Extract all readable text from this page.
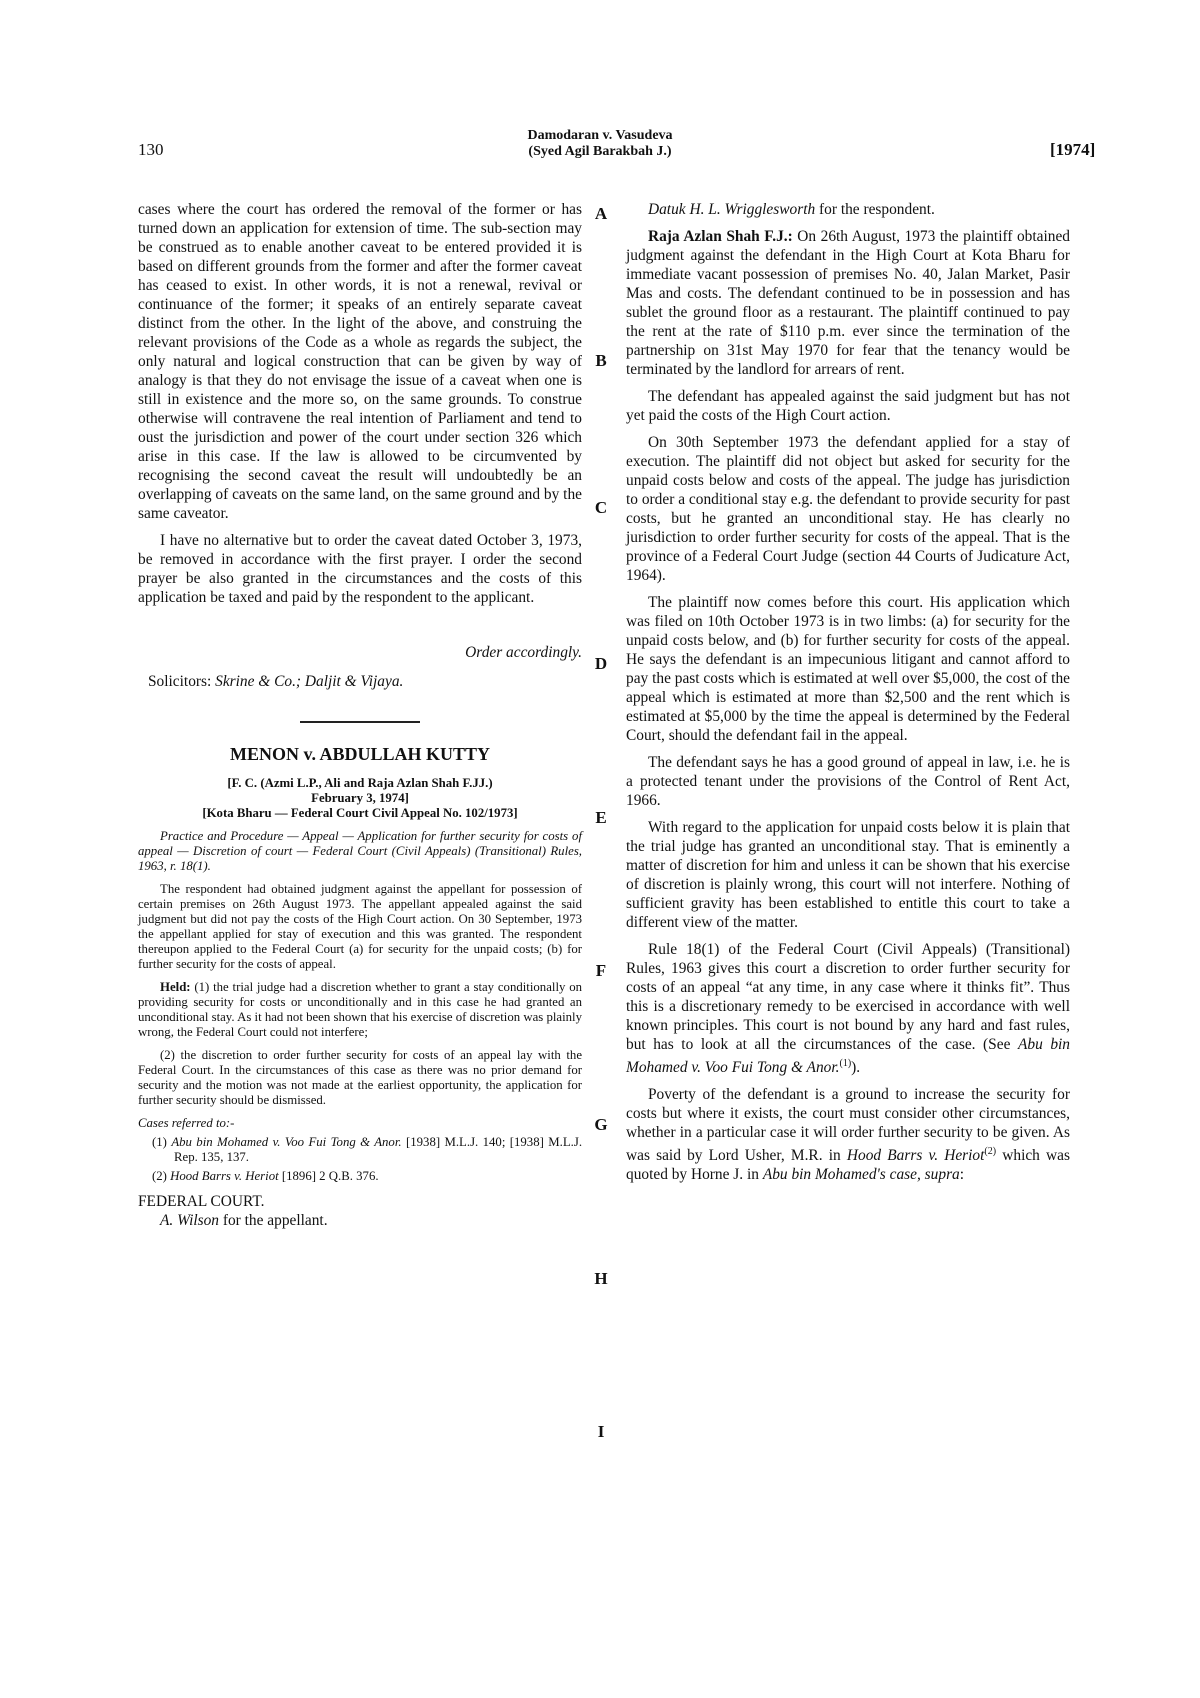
130
Damodaran v. Vasudeva
(Syed Agil Barakbah J.)	[1974]
A
B
C
D
E
F
G
H
I

cases where the court has ordered the removal of the former or has turned down an application for extension of time. The sub-section may be construed as to enable another caveat to be entered provided it is based on different grounds from the former and after the former caveat has ceased to exist. In other words, it is not a renewal, revival or continuance of the former; it speaks of an entirely separate caveat distinct from the other. In the light of the above, and construing the relevant provisions of the Code as a whole as regards the subject, the only natural and logical construction that can be given by way of analogy is that they do not envisage the issue of a caveat when one is still in existence and the more so, on the same grounds. To construe otherwise will contravene the real intention of Parliament and tend to oust the jurisdiction and power of the court under section 326 which arise in this case. If the law is allowed to be circumvented by recognising the second caveat the result will undoubtedly be an overlapping of caveats on the same land, on the same ground and by the same caveator.

I have no alternative but to order the caveat dated October 3, 1973, be removed in accordance with the first prayer. I order the second prayer be also granted in the circumstances and the costs of this application be taxed and paid by the respondent to the applicant.

Order accordingly.

Solicitors: Skrine & Co.; Daljit & Vijaya.

MENON v. ABDULLAH KUTTY

[F. C. (Azmi L.P., Ali and Raja Azlan Shah F.JJ.)

February 3, 1974]

[Kota Bharu — Federal Court Civil Appeal No. 102/1973]

Practice and Procedure — Appeal — Application for further security for costs of appeal — Discretion of court — Federal Court (Civil Appeals) (Transitional) Rules, 1963, r. 18(1).

The respondent had obtained judgment against the appellant for possession of certain premises on 26th August 1973. The appellant appealed against the said judgment but did not pay the costs of the High Court action. On 30 September, 1973 the appellant applied for stay of execution and this was granted. The respondent thereupon applied to the Federal Court (a) for security for the unpaid costs; (b) for further security for the costs of appeal.

Held: (1) the trial judge had a discretion whether to grant a stay conditionally on providing security for costs or unconditionally and in this case he had granted an unconditional stay. As it had not been shown that his exercise of discretion was plainly wrong, the Federal Court could not interfere;

(2) the discretion to order further security for costs of an appeal lay with the Federal Court. In the circumstances of this case as there was no prior demand for security and the motion was not made at the earliest opportunity, the application for further security should be dismissed.

Cases referred to:-

(1) Abu bin Mohamed v. Voo Fui Tong & Anor. [1938] M.L.J. 140; [1938] M.L.J. Rep. 135, 137.

(2) Hood Barrs v. Heriot [1896] 2 Q.B. 376.

FEDERAL COURT.

A. Wilson for the appellant.

Datuk H. L. Wrigglesworth for the respondent.

Raja Azlan Shah F.J.: On 26th August, 1973 the plaintiff obtained judgment against the defendant in the High Court at Kota Bharu for immediate vacant possession of premises No. 40, Jalan Market, Pasir Mas and costs. The defendant continued to be in possession and has sublet the ground floor as a restaurant. The plaintiff continued to pay the rent at the rate of $110 p.m. ever since the termination of the partnership on 31st May 1970 for fear that the tenancy would be terminated by the landlord for arrears of rent.

The defendant has appealed against the said judgment but has not yet paid the costs of the High Court action.

On 30th September 1973 the defendant applied for a stay of execution. The plaintiff did not object but asked for security for the unpaid costs below and costs of the appeal. The judge has jurisdiction to order a conditional stay e.g. the defendant to provide security for past costs, but he granted an unconditional stay. He has clearly no jurisdiction to order further security for costs of the appeal. That is the province of a Federal Court Judge (section 44 Courts of Judicature Act, 1964).

The plaintiff now comes before this court. His application which was filed on 10th October 1973 is in two limbs: (a) for security for the unpaid costs below, and (b) for further security for costs of the appeal. He says the defendant is an impecunious litigant and cannot afford to pay the past costs which is estimated at well over $5,000, the cost of the appeal which is estimated at more than $2,500 and the rent which is estimated at $5,000 by the time the appeal is determined by the Federal Court, should the defendant fail in the appeal.

The defendant says he has a good ground of appeal in law, i.e. he is a protected tenant under the provisions of the Control of Rent Act, 1966.

With regard to the application for unpaid costs below it is plain that the trial judge has granted an unconditional stay. That is eminently a matter of discretion for him and unless it can be shown that his exercise of discretion is plainly wrong, this court will not interfere. Nothing of sufficient gravity has been established to entitle this court to take a different view of the matter.

Rule 18(1) of the Federal Court (Civil Appeals) (Transitional) Rules, 1963 gives this court a discretion to order further security for costs of an appeal “at any time, in any case where it thinks fit”. Thus this is a discretionary remedy to be exercised in accordance with well known principles. This court is not bound by any hard and fast rules, but has to look at all the circumstances of the case. (See Abu bin Mohamed v. Voo Fui Tong & Anor.$^{(1)}$).

Poverty of the defendant is a ground to increase the security for costs but where it exists, the court must consider other circumstances, whether in a particular case it will order further security to be given. As was said by Lord Usher, M.R. in Hood Barrs v. Heriot$^{(2)}$ which was quoted by Horne J. in Abu bin Mohamed's case, supra:
